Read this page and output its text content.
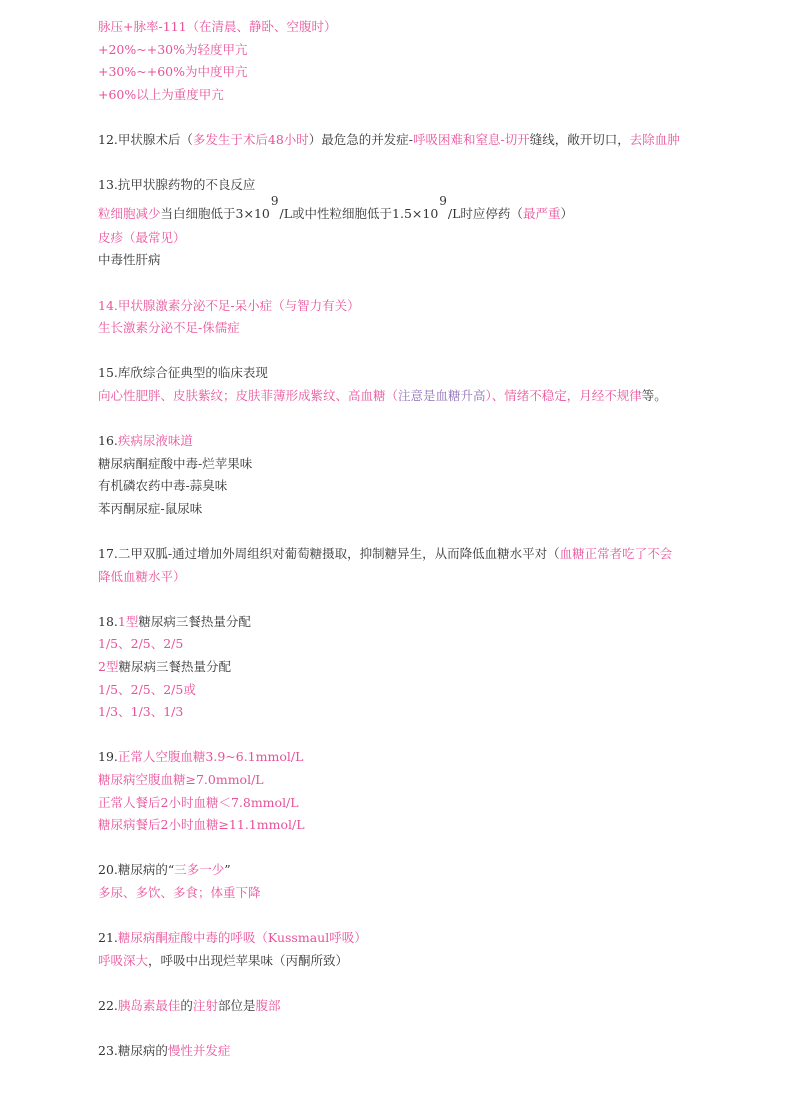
脉压+脉率-111（在清晨、静卧、空腹时）
+20%~+30%为轻度甲亢
+30%~+60%为中度甲亢
+60%以上为重度甲亢
12.甲状腺术后（多发生于术后48小时）最危急的并发症-呼吸困难和窒息-切开缝线，敞开切口，去除血肿
13.抗甲状腺药物的不良反应
粒细胞减少当白细胞低于3×109/L或中性粒细胞低于1.5×109/L时应停药（最严重）
皮疹（最常见）
中毒性肝病
14.甲状腺激素分泌不足-呆小症（与智力有关）
生长激素分泌不足-侏儒症
15.库欣综合征典型的临床表现
向心性肥胖、皮肤紫纹；皮肤菲薄形成紫纹、高血糖（注意是血糖升高）、情绪不稳定，月经不规律等。
16.疾病尿液味道
糖尿病酮症酸中毒-烂苹果味
有机磷农药中毒-蒜臭味
苯丙酮尿症-鼠尿味
17.二甲双胍-通过增加外周组织对葡萄糖摄取，抑制糖异生，从而降低血糖水平对（血糖正常者吃了不会
降低血糖水平）
18.1型糖尿病三餐热量分配
1/5、2/5、2/5
2型糖尿病三餐热量分配
1/5、2/5、2/5或
1/3、1/3、1/3
19.正常人空腹血糖3.9~6.1mmol/L
糖尿病空腹血糖≥7.0mmol/L
正常人餐后2小时血糖＜7.8mmol/L
糖尿病餐后2小时血糖≥11.1mmol/L
20.糖尿病的“三多一少”
多尿、多饮、多食；体重下降
21.糖尿病酮症酸中毒的呼吸（Kussmaul呼吸）
呼吸深大，呼吸中出现烂苹果味（丙酮所致）
22.胰岛素最佳的注射部位是腹部
23.糖尿病的慢性并发症
